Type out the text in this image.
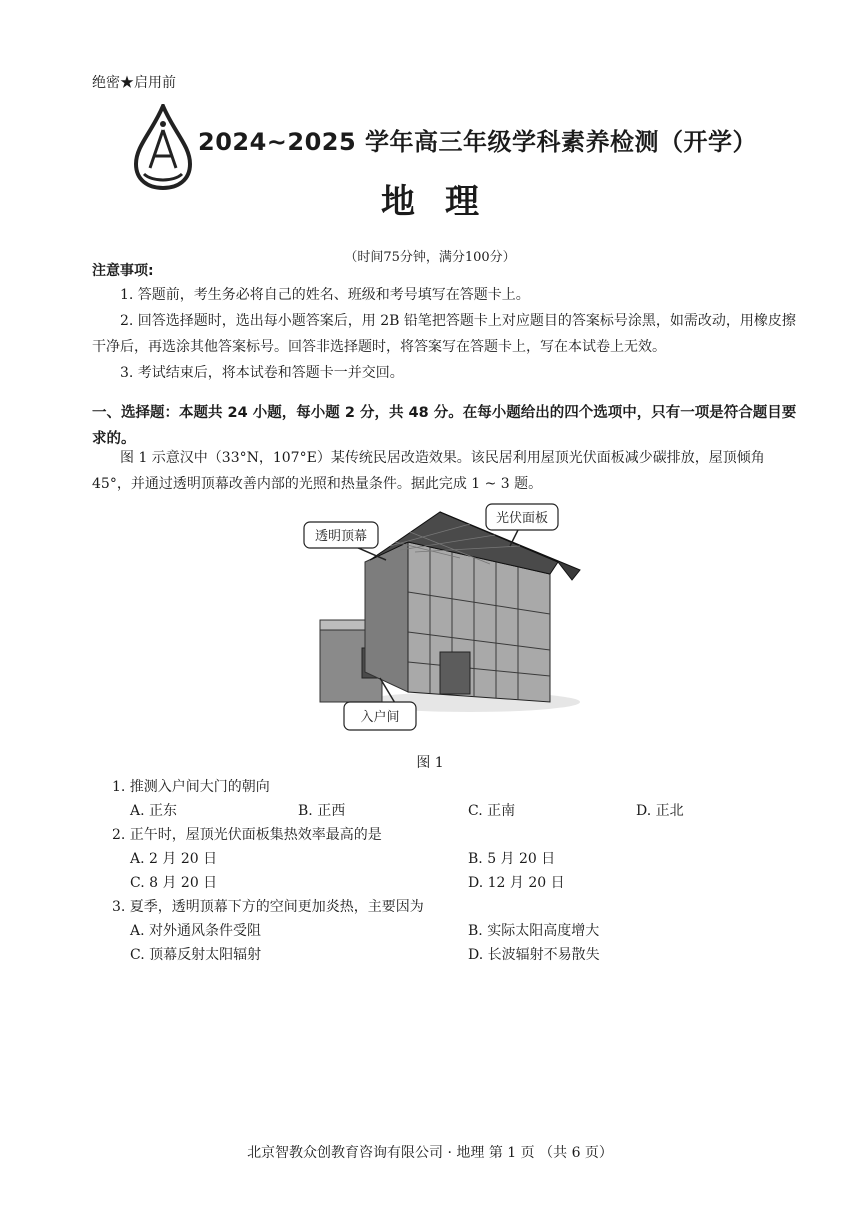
绝密★启用前
2024~2025 学年高三年级学科素养检测（开学）
地理
（时间75分钟，满分100分）
注意事项:

1. 答题前，考生务必将自己的姓名、班级和考号填写在答题卡上。

2. 回答选择题时，选出每小题答案后，用 2B 铅笔把答题卡上对应题目的答案标号涂黑，如需改动，用橡皮擦干净后，再选涂其他答案标号。回答非选择题时，将答案写在答题卡上，写在本试卷上无效。

3. 考试结束后，将本试卷和答题卡一并交回。

一、选择题：本题共 24 小题，每小题 2 分，共 48 分。在每小题给出的四个选项中，只有一项是符合题目要求的。
图 1 示意汉中（33°N，107°E）某传统民居改造效果。该民居利用屋顶光伏面板减少碳排放，屋顶倾角 45°，并通过透明顶幕改善内部的光照和热量条件。据此完成 1 ~ 3 题。
透明顶幕
光伏面板
入户间
图 1
1. 推测入户间大门的朝向
A. 正东	B. 正西	C. 正南	D. 正北
2. 正午时，屋顶光伏面板集热效率最高的是
A. 2 月 20 日	B. 5 月 20 日
C. 8 月 20 日	D. 12 月 20 日
3. 夏季，透明顶幕下方的空间更加炎热，主要因为
A. 对外通风条件受阻	B. 实际太阳高度增大
C. 顶幕反射太阳辐射	D. 长波辐射不易散失
北京智教众创教育咨询有限公司 · 地理 第 1 页 （共 6 页）
